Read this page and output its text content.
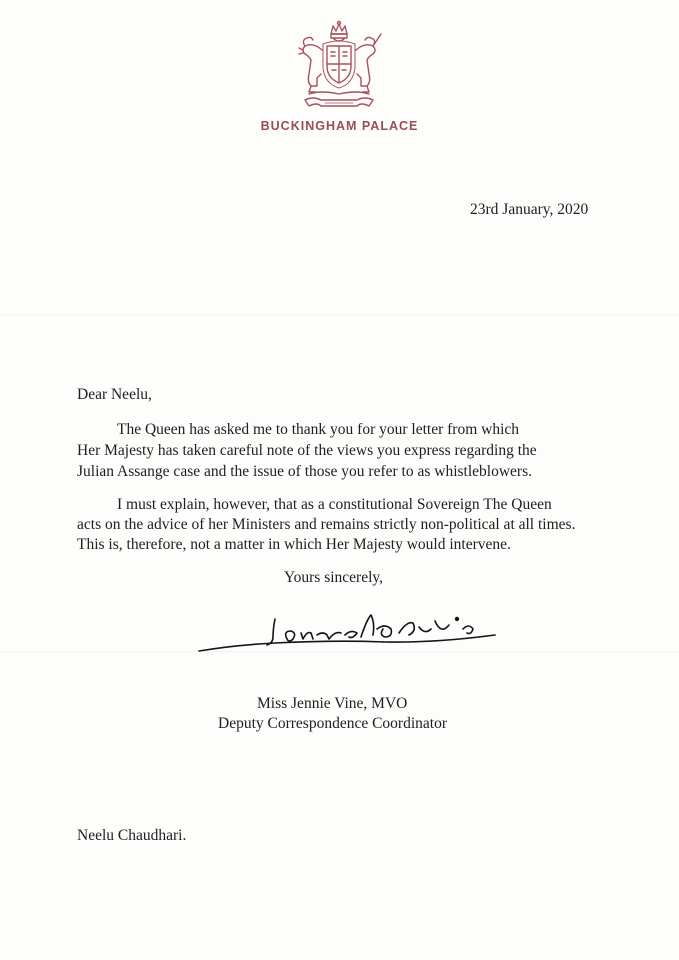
BUCKINGHAM PALACE
23rd January, 2020
Dear Neelu,
The Queen has asked me to thank you for your letter from which
Her Majesty has taken careful note of the views you express regarding the
Julian Assange case and the issue of those you refer to as whistleblowers.
I must explain, however, that as a constitutional Sovereign The Queen
acts on the advice of her Ministers and remains strictly non-political at all times.
This is, therefore, not a matter in which Her Majesty would intervene.
Yours sincerely,
Miss Jennie Vine, MVO
Deputy Correspondence Coordinator
Neelu Chaudhari.
